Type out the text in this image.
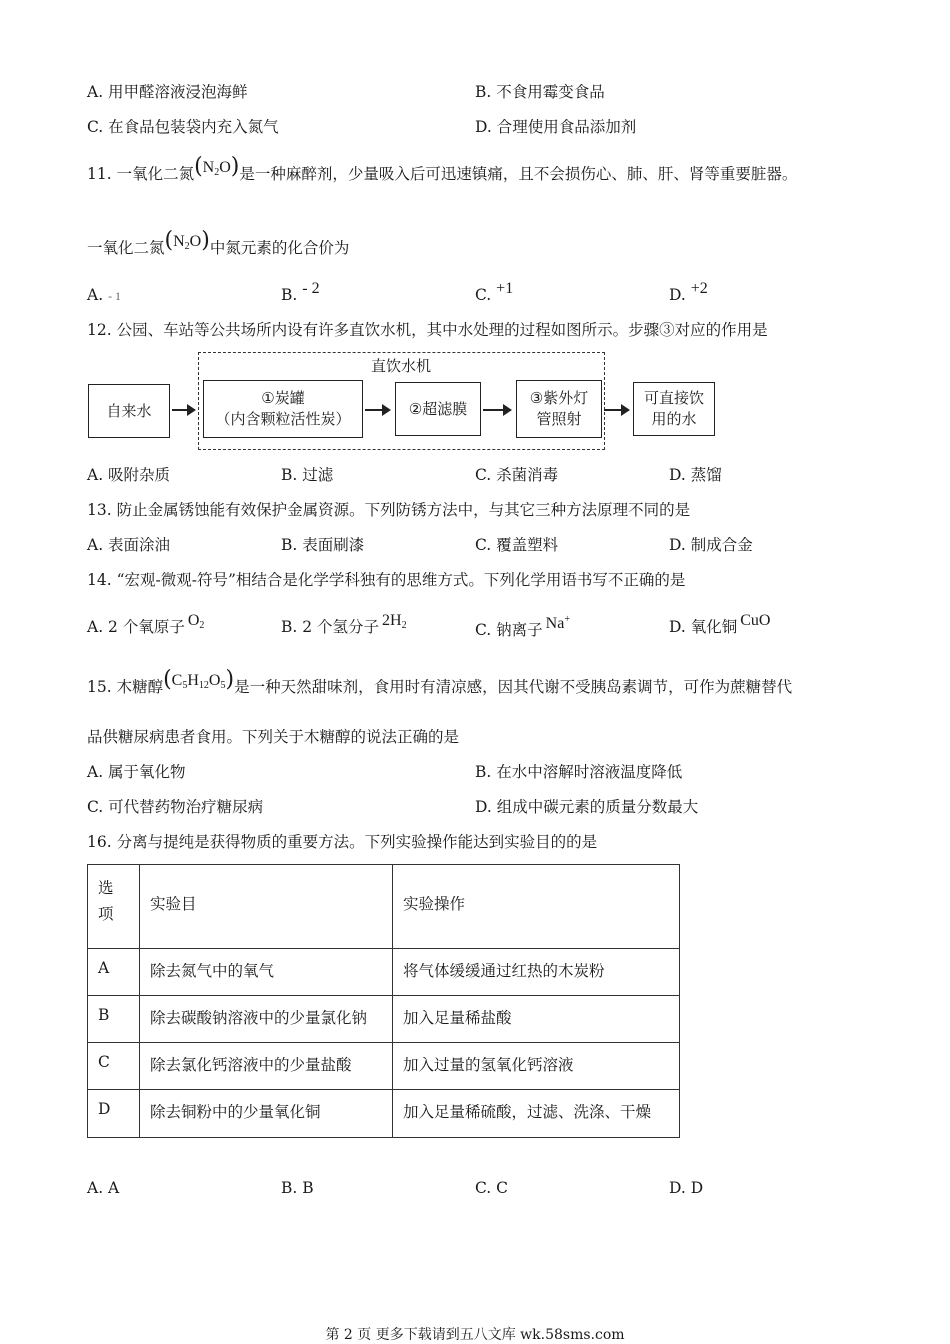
A. 用甲醛溶液浸泡海鲜	B. 不食用霉变食品
C. 在食品包装袋内充入氮气	D. 合理使用食品添加剂
11. 一氧化二氮$(N_2O)$是一种麻醉剂，少量吸入后可迅速镇痛，且不会损伤心、肺、肝、肾等重要脏器。
一氧化二氮$(N_2O)$中氮元素的化合价为
A. - 1	B. - 2	C. +1	D. +2
12. 公园、车站等公共场所内设有许多直饮水机，其中水处理的过程如图所示。步骤③对应的作用是
直饮水机
自来水
①炭罐
（内含颗粒活性炭）
②超滤膜
③紫外灯
管照射
可直接饮
用的水
A. 吸附杂质	B. 过滤	C. 杀菌消毒	D. 蒸馏
13. 防止金属锈蚀能有效保护金属资源。下列防锈方法中，与其它三种方法原理不同的是
A. 表面涂油	B. 表面刷漆	C. 覆盖塑料	D. 制成合金
14. “宏观-微观-符号”相结合是化学学科独有的思维方式。下列化学用语书写不正确的是
A. 2 个氧原子 $O_2$	B. 2 个氢分子 $2H_2$	C. 钠离子 Na+	D. 氧化铜 CuO
15. 木糖醇$(C_5H_{12}O_5)$是一种天然甜味剂，食用时有清凉感，因其代谢不受胰岛素调节，可作为蔗糖替代
品供糖尿病患者食用。下列关于木糖醇的说法正确的是
A. 属于氧化物	B. 在水中溶解时溶液温度降低
C. 可代替药物治疗糖尿病	D. 组成中碳元素的质量分数最大
16. 分离与提纯是获得物质的重要方法。下列实验操作能达到实验目的的是
选项	实验目	实验操作
A	除去氮气中的氧气	将气体缓缓通过红热的木炭粉
B	除去碳酸钠溶液中的少量氯化钠	加入足量稀盐酸
C	除去氯化钙溶液中的少量盐酸	加入过量的氢氧化钙溶液
D	除去铜粉中的少量氧化铜	加入足量稀硫酸，过滤、洗涤、干燥
A. A	B. B	C. C	D. D
第 2 页 更多下载请到五八文库 wk.58sms.com
